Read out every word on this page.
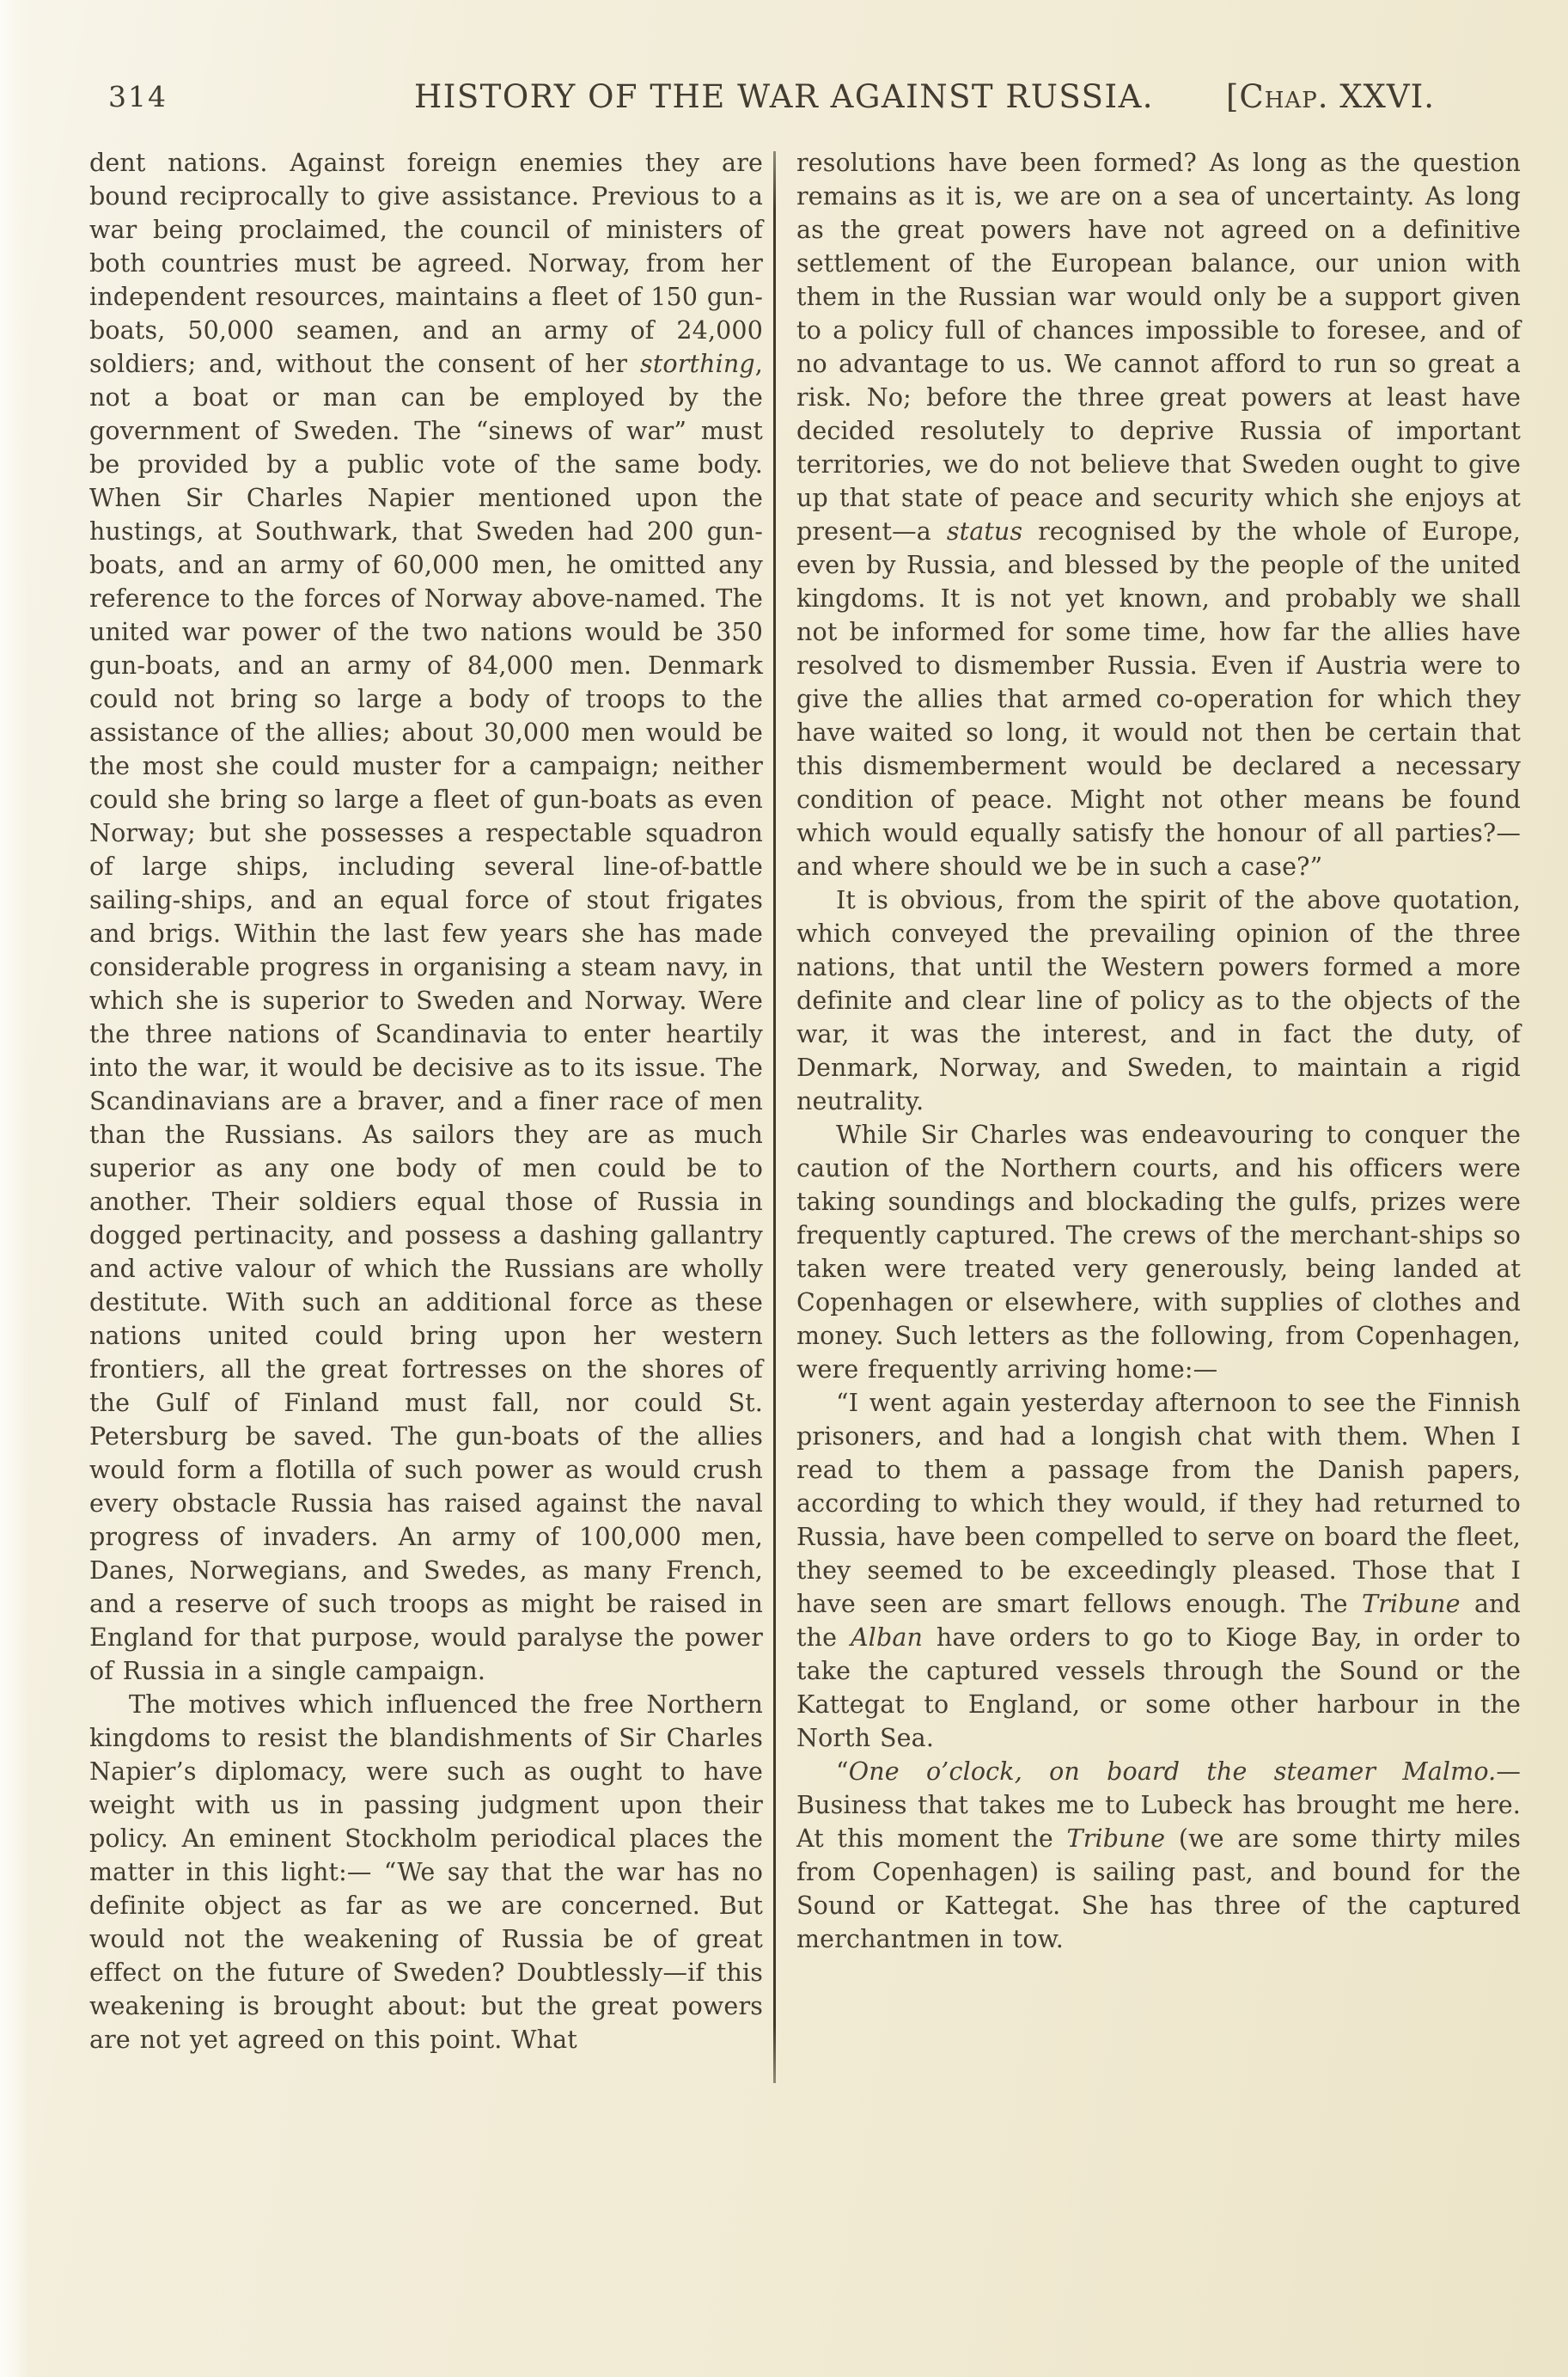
314	HISTORY OF THE WAR AGAINST RUSSIA.	[Chap. XXVI.

dent nations. Against foreign enemies they are bound reciprocally to give assistance. Previous to a war being proclaimed, the council of ministers of both countries must be agreed. Norway, from her independent resources, maintains a fleet of 150 gun-boats, 50,000 seamen, and an army of 24,000 soldiers; and, without the consent of her storthing, not a boat or man can be employed by the government of Sweden. The “sinews of war” must be provided by a public vote of the same body. When Sir Charles Napier mentioned upon the hustings, at Southwark, that Sweden had 200 gun-boats, and an army of 60,000 men, he omitted any reference to the forces of Norway above-named. The united war power of the two nations would be 350 gun-boats, and an army of 84,000 men. Denmark could not bring so large a body of troops to the assistance of the allies; about 30,000 men would be the most she could muster for a campaign; neither could she bring so large a fleet of gun-boats as even Norway; but she possesses a respectable squadron of large ships, including several line-of-battle sailing-ships, and an equal force of stout frigates and brigs. Within the last few years she has made considerable progress in organising a steam navy, in which she is superior to Sweden and Norway. Were the three nations of Scandinavia to enter heartily into the war, it would be decisive as to its issue. The Scandinavians are a braver, and a finer race of men than the Russians. As sailors they are as much superior as any one body of men could be to another. Their soldiers equal those of Russia in dogged pertinacity, and possess a dashing gallantry and active valour of which the Russians are wholly destitute. With such an additional force as these nations united could bring upon her western frontiers, all the great fortresses on the shores of the Gulf of Finland must fall, nor could St. Petersburg be saved. The gun-boats of the allies would form a flotilla of such power as would crush every obstacle Russia has raised against the naval progress of invaders. An army of 100,000 men, Danes, Norwegians, and Swedes, as many French, and a reserve of such troops as might be raised in England for that purpose, would paralyse the power of Russia in a single campaign.

The motives which influenced the free Northern kingdoms to resist the blandishments of Sir Charles Napier’s diplomacy, were such as ought to have weight with us in passing judgment upon their policy. An eminent Stockholm periodical places the matter in this light:— “We say that the war has no definite object as far as we are concerned. But would not the weakening of Russia be of great effect on the future of Sweden? Doubtlessly—if this weakening is brought about: but the great powers are not yet agreed on this point. What

resolutions have been formed? As long as the question remains as it is, we are on a sea of uncertainty. As long as the great powers have not agreed on a definitive settlement of the European balance, our union with them in the Russian war would only be a support given to a policy full of chances impossible to foresee, and of no advantage to us. We cannot afford to run so great a risk. No; before the three great powers at least have decided resolutely to deprive Russia of important territories, we do not believe that Sweden ought to give up that state of peace and security which she enjoys at present—a status recognised by the whole of Europe, even by Russia, and blessed by the people of the united kingdoms. It is not yet known, and probably we shall not be informed for some time, how far the allies have resolved to dismember Russia. Even if Austria were to give the allies that armed co-operation for which they have waited so long, it would not then be certain that this dismemberment would be declared a necessary condition of peace. Might not other means be found which would equally satisfy the honour of all parties?—and where should we be in such a case?”

It is obvious, from the spirit of the above quotation, which conveyed the prevailing opinion of the three nations, that until the Western powers formed a more definite and clear line of policy as to the objects of the war, it was the interest, and in fact the duty, of Denmark, Norway, and Sweden, to maintain a rigid neutrality.

While Sir Charles was endeavouring to conquer the caution of the Northern courts, and his officers were taking soundings and blockading the gulfs, prizes were frequently captured. The crews of the merchant-ships so taken were treated very generously, being landed at Copenhagen or elsewhere, with supplies of clothes and money. Such letters as the following, from Copenhagen, were frequently arriving home:—

“I went again yesterday afternoon to see the Finnish prisoners, and had a longish chat with them. When I read to them a passage from the Danish papers, according to which they would, if they had returned to Russia, have been compelled to serve on board the fleet, they seemed to be exceedingly pleased. Those that I have seen are smart fellows enough. The Tribune and the Alban have orders to go to Kioge Bay, in order to take the captured vessels through the Sound or the Kattegat to England, or some other harbour in the North Sea.

“One o’clock, on board the steamer Malmo.—Business that takes me to Lubeck has brought me here. At this moment the Tribune (we are some thirty miles from Copenhagen) is sailing past, and bound for the Sound or Kattegat. She has three of the captured merchantmen in tow.
